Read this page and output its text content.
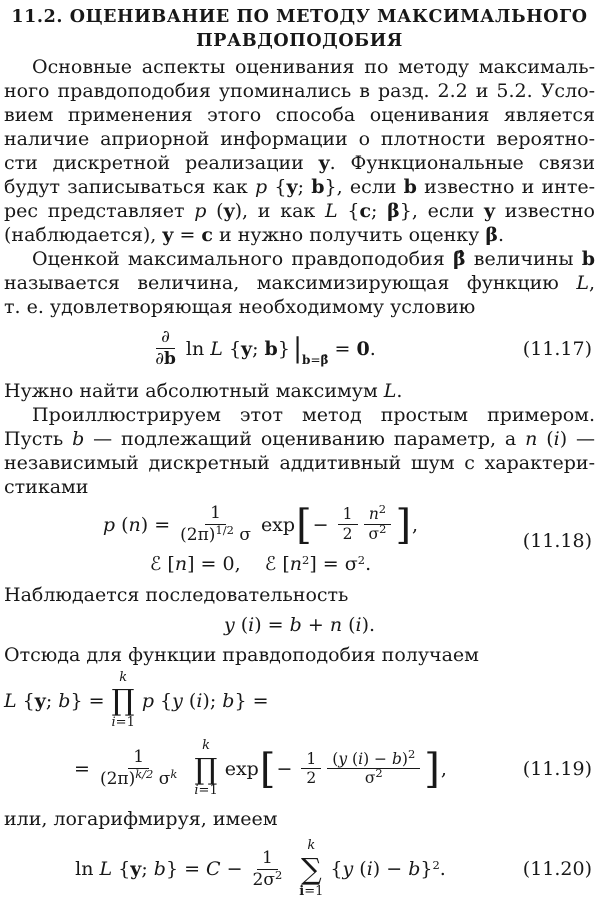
11.2. ОЦЕНИВАНИЕ ПО МЕТОДУ МАКСИМАЛЬНОГО
ПРАВДОПОДОБИЯ
Основные аспекты оценивания по методу максималь-
ного правдоподобия упоминались в разд. 2.2 и 5.2. Усло-
вием применения этого способа оценивания является
наличие априорной информации о плотности вероятно-
сти дискретной реализации y. Функциональные связи
будут записываться как p {y; b}, если b известно и инте-
рес представляет p (y), и как L {c; β}, если y известно
(наблюдается), y = c и нужно получить оценку β.
Оценкой максимального правдоподобия β̂ величины b
называется величина, максимизирующая функцию L,
т. е. удовлетворяющая необходимому условию
$\frac{\partial}{\partial b}$ ln L {y; b} | $_{b=\betâ}$
= 0.	(11.17)
Нужно найти абсолютный максимум L.
Проиллюстрируем этот метод простым примером.
Пусть b — подлежащий оцениванию параметр, а n (i) —
независимый дискретный аддитивный шум с характери-
стиками
p $(n) = \frac{1}{(2\pi)^{1/2} \sigma}$ exp [ − $\frac{1}{2} \frac{n^2}{\sigma^2}$ ] ,
ℰ [n] = 0,    ℰ $[n^2] = \sigma^2$.
(11.18)
Наблюдается последовательность
y (i) = b + n (i).
Отсюда для функции правдоподобия получаем
L {y; b} =
k
∏
i=1
p {y (i); b} =
= $\frac{1}{(2\pi)^{k/2} \sigma^k}$
k
∏
i=1
exp [ − $\frac{1}{2} \frac{(y (i) - b)^2}{\sigma^2}$ ] ,	(11.19)
или, логарифмируя, имеем
ln L {y; $b\} = C - \frac{1}{2\sigma^2}$
k
∑
i=1
{y (i) − b}$^2$.	(11.20)
